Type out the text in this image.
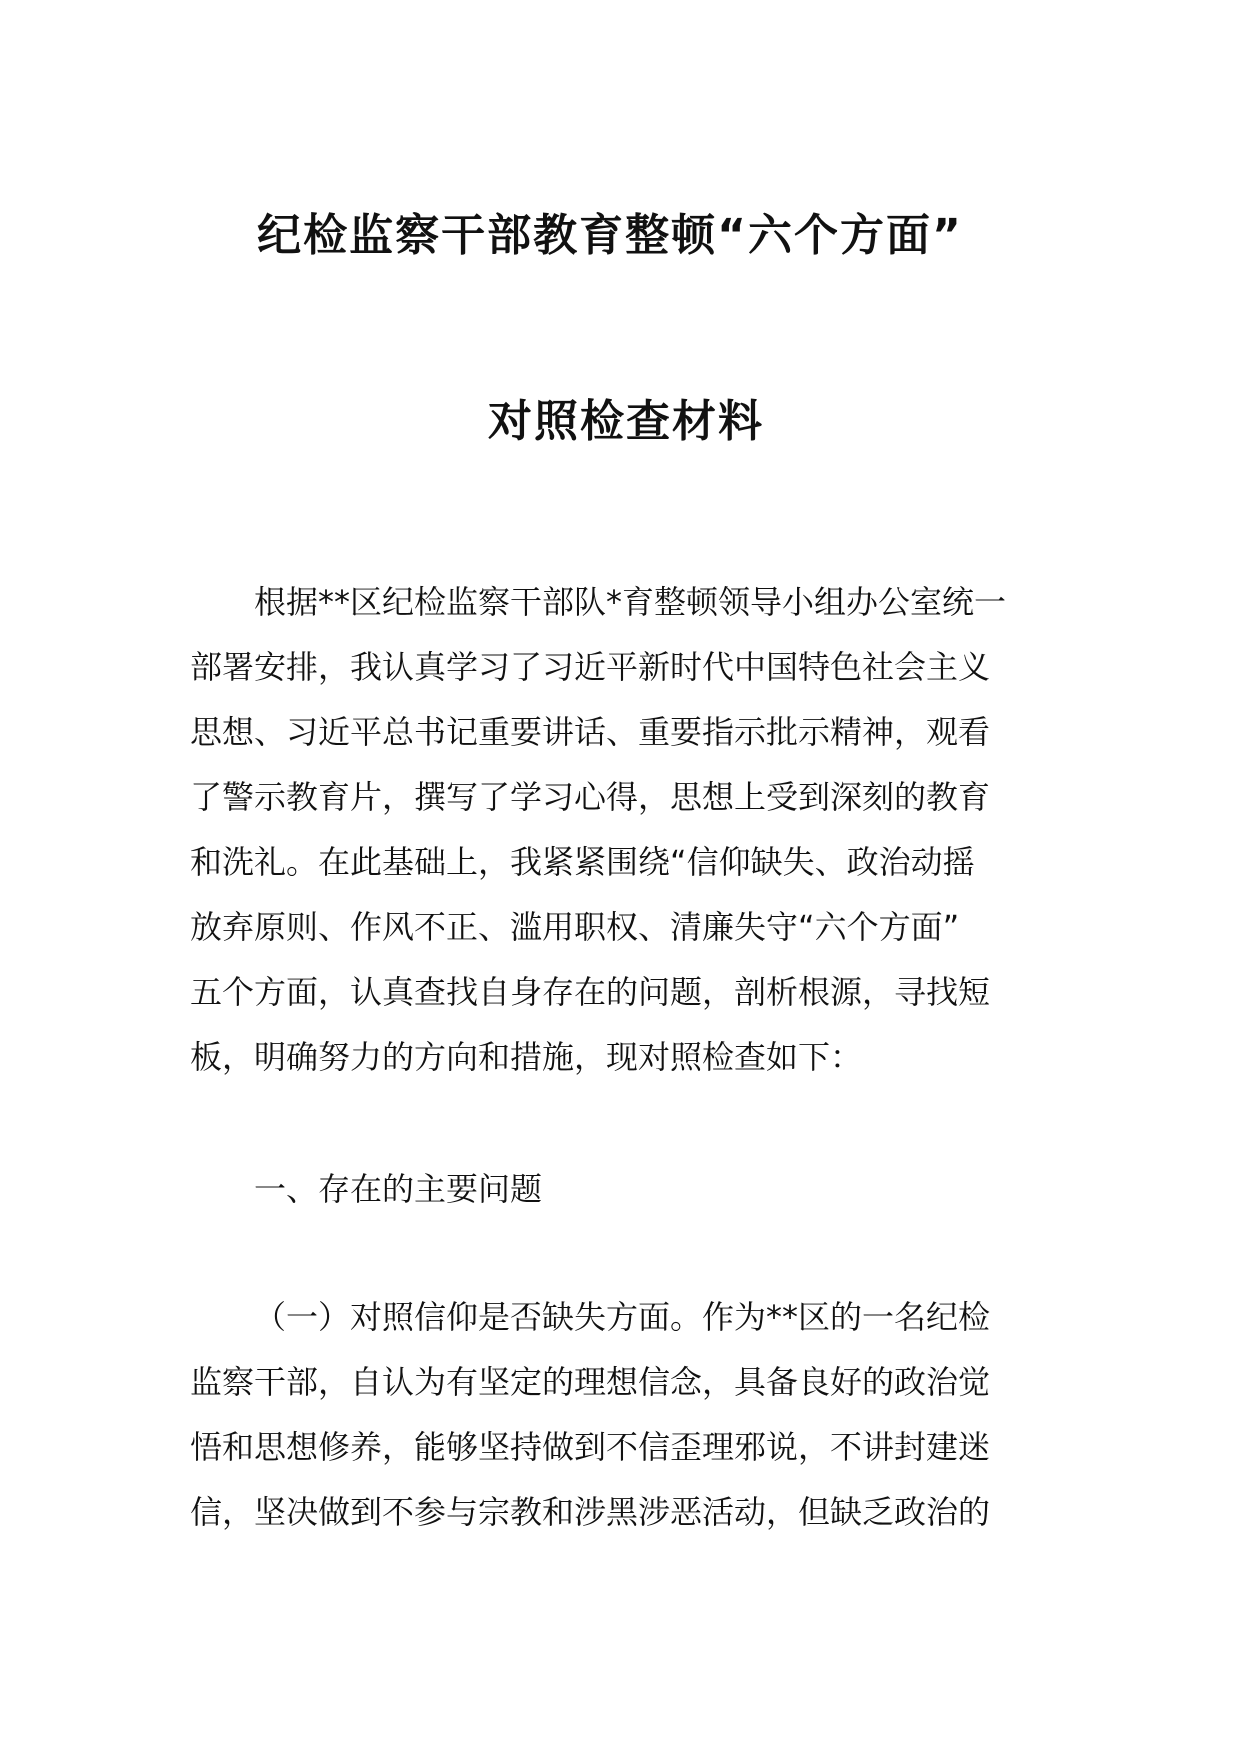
纪检监察干部教育整顿“六个方面”
对照检查材料
根据**区纪检监察干部队*育整顿领导小组办公室统一
部署安排，我认真学习了习近平新时代中国特色社会主义
思想、习近平总书记重要讲话、重要指示批示精神，观看
了警示教育片，撰写了学习心得，思想上受到深刻的教育
和洗礼。在此基础上，我紧紧围绕“信仰缺失、政治动摇
放弃原则、作风不正、滥用职权、清廉失守“六个方面”
五个方面，认真查找自身存在的问题，剖析根源，寻找短
板，明确努力的方向和措施，现对照检查如下：
一、存在的主要问题
（一）对照信仰是否缺失方面。作为**区的一名纪检
监察干部，自认为有坚定的理想信念，具备良好的政治觉
悟和思想修养，能够坚持做到不信歪理邪说，不讲封建迷
信，坚决做到不参与宗教和涉黑涉恶活动，但缺乏政治的
